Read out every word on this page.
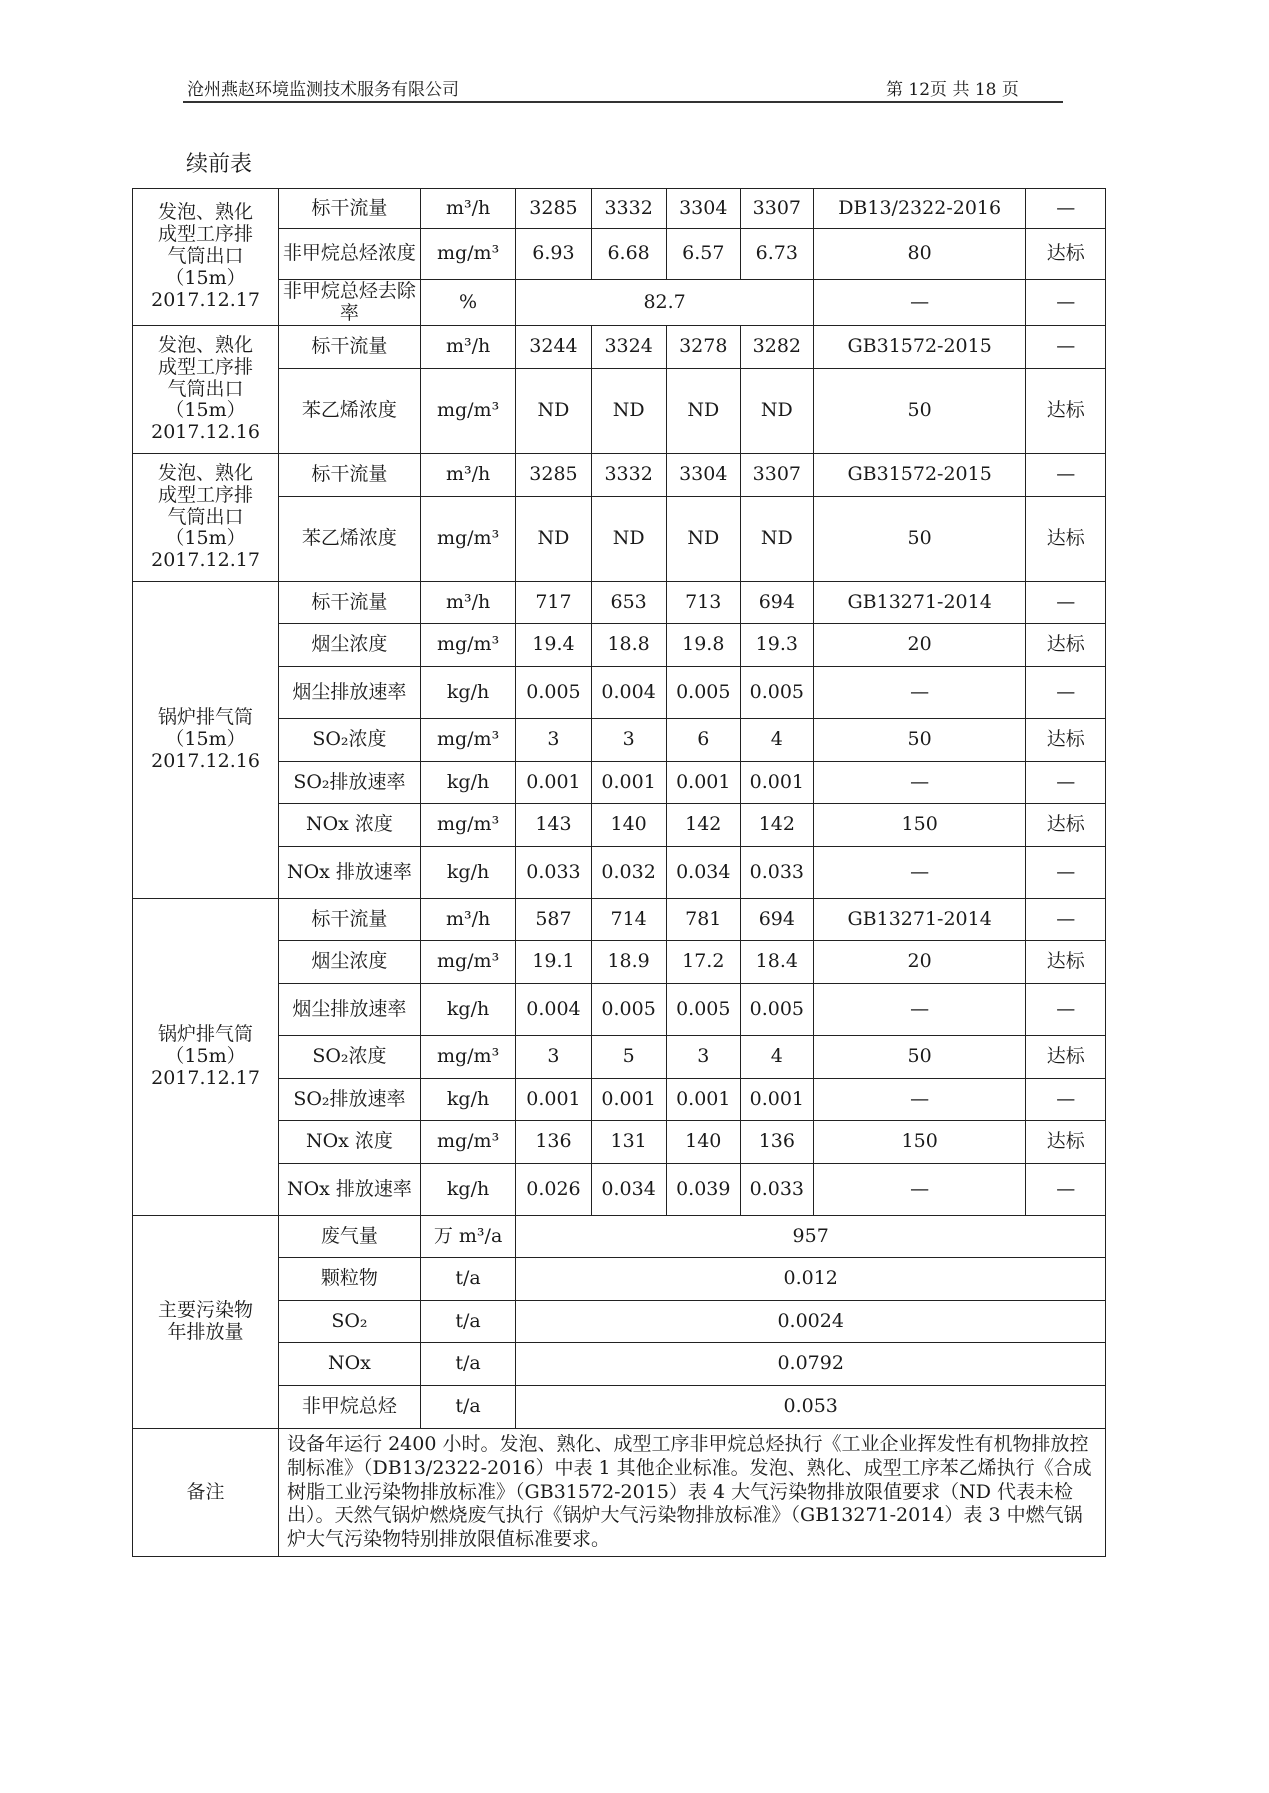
沧州燕赵环境监测技术服务有限公司	第 12页 共 18 页
续前表
发泡、熟化
成型工序排
气筒出口
（15m）
2017.12.17	标干流量	m³/h	3285	3332	3304	3307	DB13/2322-2016	—
	非甲烷总烃浓度	mg/m³	6.93	6.68	6.57	6.73	80	达标
	非甲烷总烃去除率	%	82.7				—	—

发泡、熟化
成型工序排
气筒出口
（15m）
2017.12.16	标干流量	m³/h	3244	3324	3278	3282	GB31572-2015	—
	苯乙烯浓度	mg/m³	ND	ND	ND	ND	50	达标

发泡、熟化
成型工序排
气筒出口
（15m）
2017.12.17	标干流量	m³/h	3285	3332	3304	3307	GB31572-2015	—
	苯乙烯浓度	mg/m³	ND	ND	ND	ND	50	达标

锅炉排气筒
（15m）
2017.12.16	标干流量	m³/h	717	653	713	694	GB13271-2014	—
	烟尘浓度	mg/m³	19.4	18.8	19.8	19.3	20	达标
	烟尘排放速率	kg/h	0.005	0.004	0.005	0.005	—	—
	SO₂浓度	mg/m³	3	3	6	4	50	达标
	SO₂排放速率	kg/h	0.001	0.001	0.001	0.001	—	—
	NOx 浓度	mg/m³	143	140	142	142	150	达标
	NOx 排放速率	kg/h	0.033	0.032	0.034	0.033	—	—

锅炉排气筒
（15m）
2017.12.17	标干流量	m³/h	587	714	781	694	GB13271-2014	—
	烟尘浓度	mg/m³	19.1	18.9	17.2	18.4	20	达标
	烟尘排放速率	kg/h	0.004	0.005	0.005	0.005	—	—
	SO₂浓度	mg/m³	3	5	3	4	50	达标
	SO₂排放速率	kg/h	0.001	0.001	0.001	0.001	—	—
	NOx 浓度	mg/m³	136	131	140	136	150	达标
	NOx 排放速率	kg/h	0.026	0.034	0.039	0.033	—	—

主要污染物
年排放量	废气量	万 m³/a	957					
	颗粒物	t/a	0.012					
	SO₂	t/a	0.0024					
	NOx	t/a	0.0792					
	非甲烷总烃	t/a	0.053					
备注	设备年运行 2400 小时。发泡、熟化、成型工序非甲烷总烃执行《工业企业挥发性有机物排放控制标准》（DB13/2322-2016）中表 1 其他企业标准。发泡、熟化、成型工序苯乙烯执行《合成树脂工业污染物排放标准》（GB31572-2015）表 4 大气污染物排放限值要求（ND 代表未检出）。天然气锅炉燃烧废气执行《锅炉大气污染物排放标准》（GB13271-2014）表 3 中燃气锅炉大气污染物特别排放限值标准要求。							
